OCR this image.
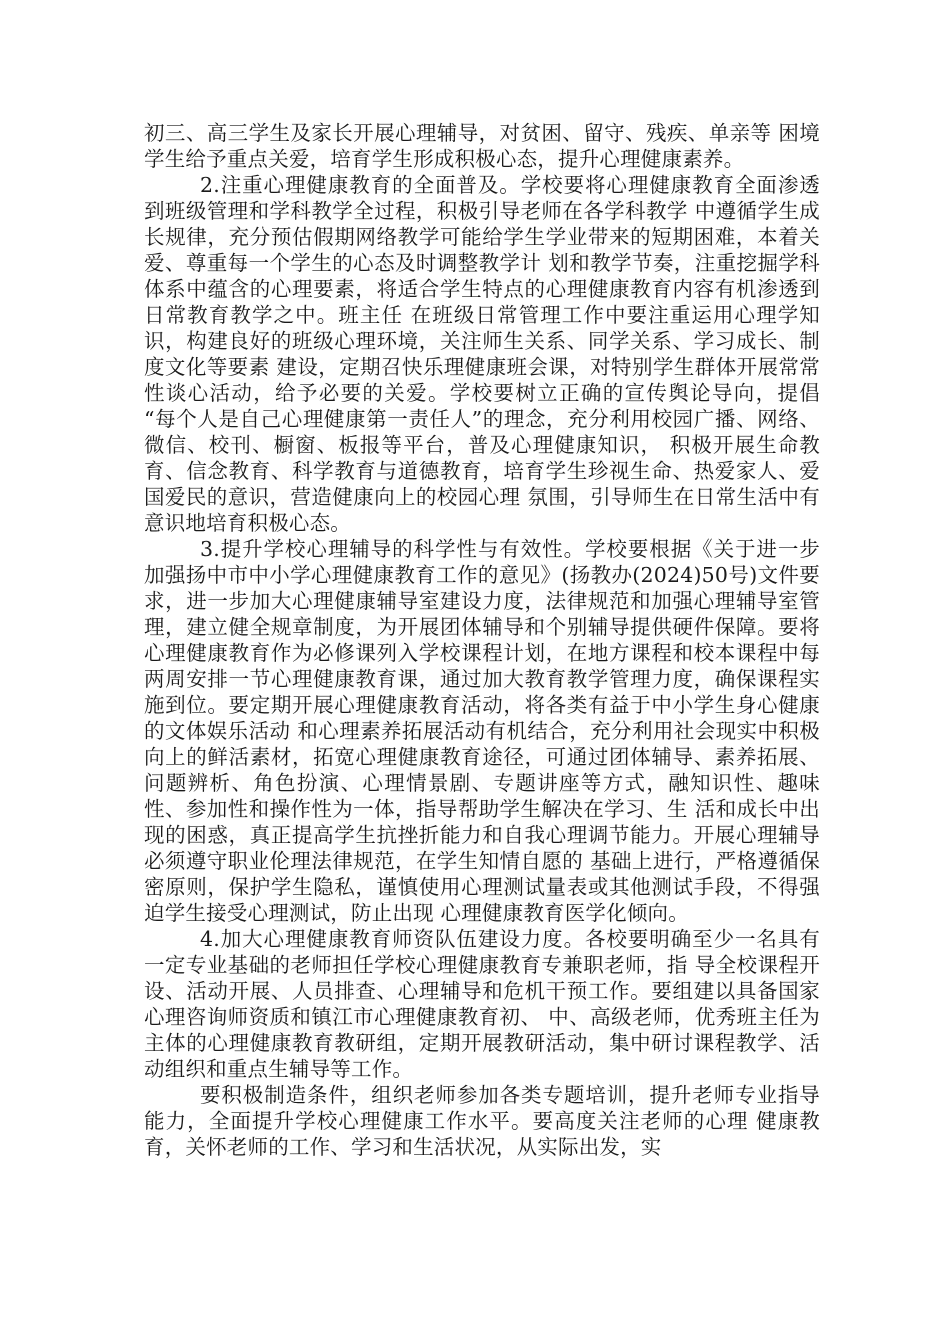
初三、高三学生及家长开展心理辅导，对贫困、留守、残疾、单亲等 困境学生给予重点关爱，培育学生形成积极心态，提升心理健康素养。

2.注重心理健康教育的全面普及。学校要将心理健康教育全面渗透到班级管理和学科教学全过程，积极引导老师在各学科教学 中遵循学生成长规律，充分预估假期网络教学可能给学生学业带来的短期困难，本着关爱、尊重每一个学生的心态及时调整教学计 划和教学节奏，注重挖掘学科体系中蕴含的心理要素，将适合学生特点的心理健康教育内容有机渗透到日常教育教学之中。班主任 在班级日常管理工作中要注重运用心理学知识，构建良好的班级心理环境，关注师生关系、同学关系、学习成长、制度文化等要素 建设，定期召快乐理健康班会课，对特别学生群体开展常常性谈心活动，给予必要的关爱。学校要树立正确的宣传舆论导向，提倡 “每个人是自己心理健康第一责任人”的理念，充分利用校园广播、网络、微信、校刊、橱窗、板报等平台，普及心理健康知识， 积极开展生命教育、信念教育、科学教育与道德教育，培育学生珍视生命、热爱家人、爱国爱民的意识，营造健康向上的校园心理 氛围，引导师生在日常生活中有意识地培育积极心态。

3.提升学校心理辅导的科学性与有效性。学校要根据《关于进一步加强扬中市中小学心理健康教育工作的意见》(扬教办(2024)50号)文件要求，进一步加大心理健康辅导室建设力度，法律规范和加强心理辅导室管理，建立健全规章制度，为开展团体辅导和个别辅导提供硬件保障。要将心理健康教育作为必修课列入学校课程计划，在地方课程和校本课程中每两周安排一节心理健康教育课，通过加大教育教学管理力度，确保课程实施到位。要定期开展心理健康教育活动，将各类有益于中小学生身心健康的文体娱乐活动 和心理素养拓展活动有机结合，充分利用社会现实中积极向上的鲜活素材，拓宽心理健康教育途径，可通过团体辅导、素养拓展、 问题辨析、角色扮演、心理情景剧、专题讲座等方式，融知识性、趣味性、参加性和操作性为一体，指导帮助学生解决在学习、生 活和成长中出现的困惑，真正提高学生抗挫折能力和自我心理调节能力。开展心理辅导必须遵守职业伦理法律规范，在学生知情自愿的 基础上进行，严格遵循保密原则，保护学生隐私，谨慎使用心理测试量表或其他测试手段，不得强迫学生接受心理测试，防止出现 心理健康教育医学化倾向。

4.加大心理健康教育师资队伍建设力度。各校要明确至少一名具有一定专业基础的老师担任学校心理健康教育专兼职老师，指 导全校课程开设、活动开展、人员排查、心理辅导和危机干预工作。要组建以具备国家心理咨询师资质和镇江市心理健康教育初、 中、高级老师，优秀班主任为主体的心理健康教育教研组，定期开展教研活动，集中研讨课程教学、活动组织和重点生辅导等工作。

要积极制造条件，组织老师参加各类专题培训，提升老师专业指导能力，全面提升学校心理健康工作水平。要高度关注老师的心理 健康教育，关怀老师的工作、学习和生活状况，从实际出发，实
